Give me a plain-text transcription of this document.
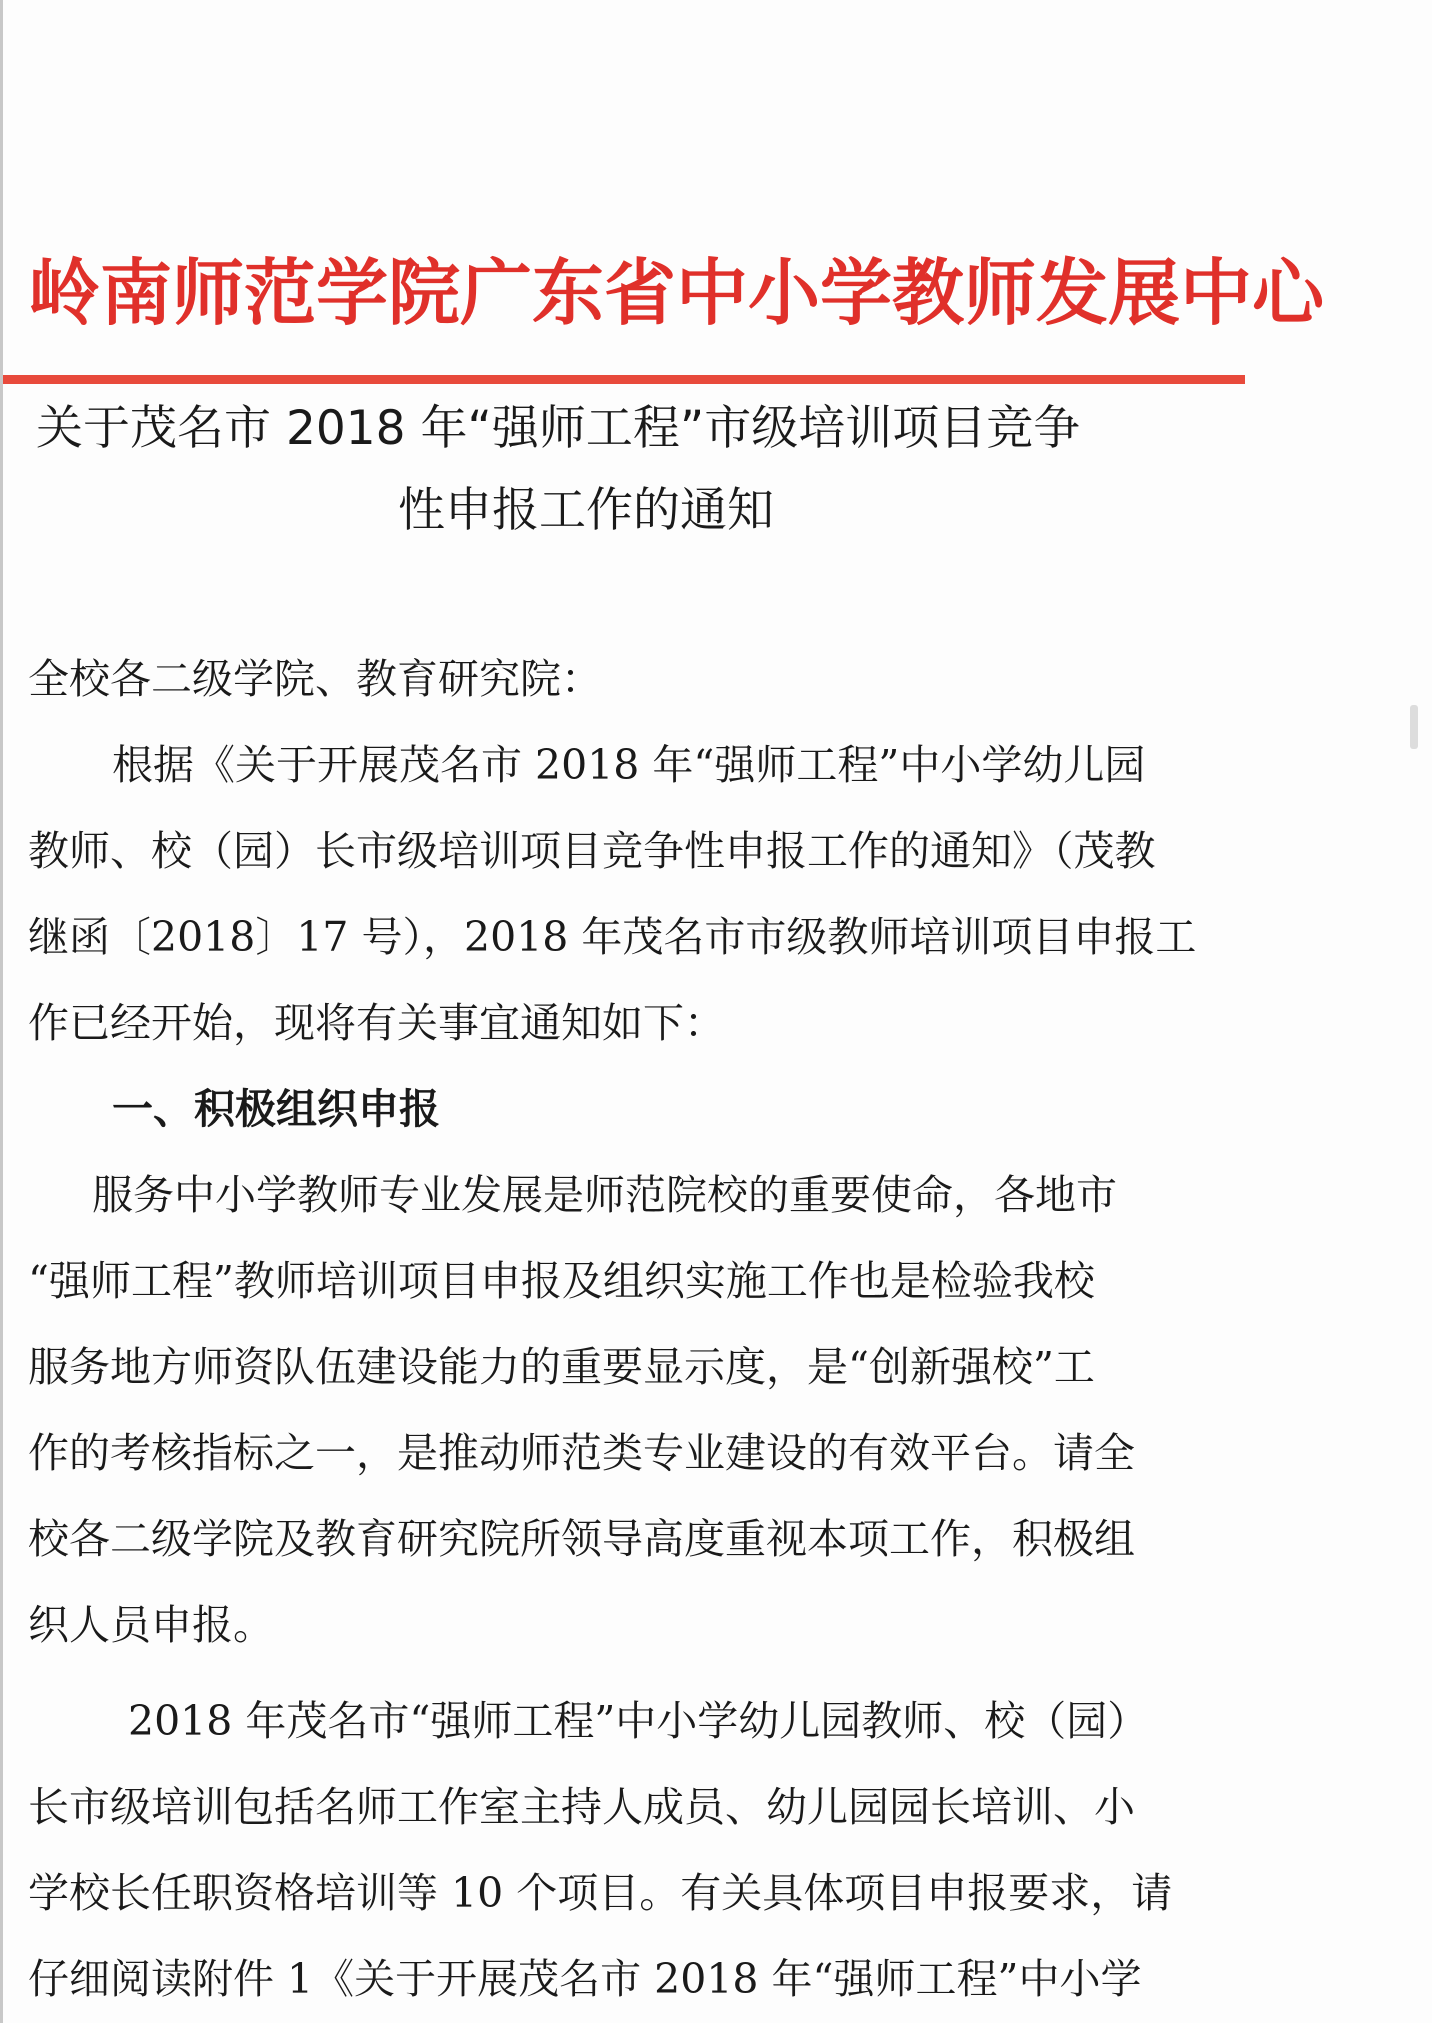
岭南师范学院广东省中小学教师发展中心
关于茂名市 2018 年“强师工程”市级培训项目竞争
性申报工作的通知

全校各二级学院、教育研究院：

根据《关于开展茂名市 2018 年“强师工程”中小学幼儿园

教师、校（园）长市级培训项目竞争性申报工作的通知》（茂教

继函〔2018〕17 号），2018 年茂名市市级教师培训项目申报工

作已经开始，现将有关事宜通知如下：

一、积极组织申报

服务中小学教师专业发展是师范院校的重要使命，各地市

“强师工程”教师培训项目申报及组织实施工作也是检验我校

服务地方师资队伍建设能力的重要显示度，是“创新强校”工

作的考核指标之一，是推动师范类专业建设的有效平台。请全

校各二级学院及教育研究院所领导高度重视本项工作，积极组

织人员申报。

2018 年茂名市“强师工程”中小学幼儿园教师、校（园）

长市级培训包括名师工作室主持人成员、幼儿园园长培训、小

学校长任职资格培训等 10 个项目。有关具体项目申报要求，请

仔细阅读附件 1《关于开展茂名市 2018 年“强师工程”中小学
